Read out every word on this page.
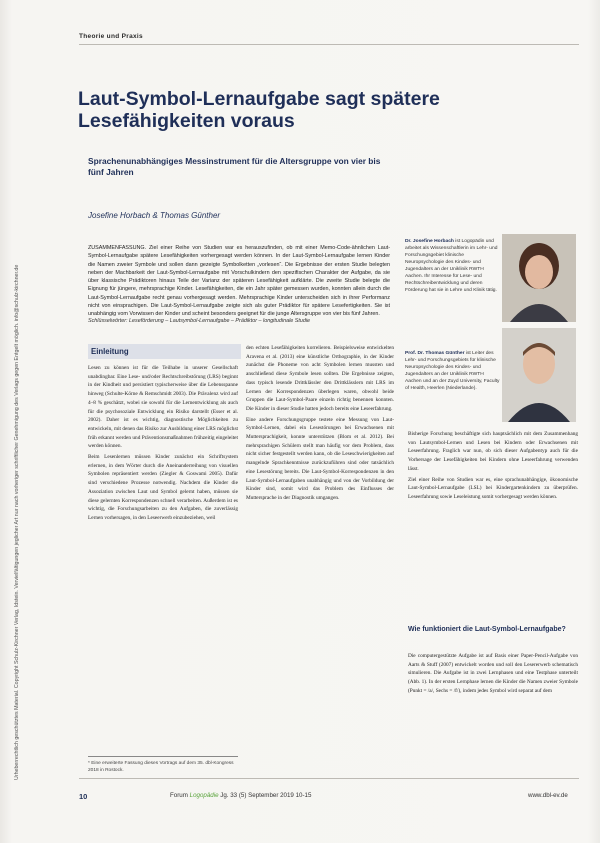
Urheberrechtlich geschütztes Material. Copyright Schulz-Kirchner Verlag, Idstein. Vervielfältigungen jeglicher Art nur nach vorheriger schriftlicher Genehmigung des Verlags gegen Entgelt möglich. info@schulz-kirchner.de
Theorie und Praxis
Laut-Symbol-Lernaufgabe sagt spätere Lesefähigkeiten voraus
Sprachenunabhängiges Messinstrument für die Altersgruppe von vier bis fünf Jahren
Josefine Horbach & Thomas Günther
ZUSAMMENFASSUNG. Ziel einer Reihe von Studien war es herauszufinden, ob mit einer Memo-Code-ähnlichen Laut-Symbol-Lernaufgabe spätere Lesefähigkeiten vorhergesagt werden können. In der Laut-Symbol-Lernaufgabe lernen Kinder die Namen zweier Symbole und sollen dann gezeigte Symbolketten „vorlesen“. Die Ergebnisse der ersten Studie belegten neben der Machbarkeit der Laut-Symbol-Lernaufgabe mit Vorschulkindern den spezifischen Charakter der Aufgabe, da sie über klassische Prädiktoren hinaus Teile der Varianz der späteren Lesefähigkeit aufklärte. Die zweite Studie belegte die Eignung für jüngere, mehrsprachige Kinder. Lesefähigkeiten, die ein Jahr später gemessen wurden, konnten allein durch die Laut-Symbol-Lernaufgabe recht genau vorhergesagt werden. Mehrsprachige Kinder unterscheiden sich in ihrer Performanz nicht von einsprachigen. Die Laut-Symbol-Lernaufgabe zeigte sich als guter Prädiktor für spätere Lesefertigkeiten. Sie ist unabhängig vom Vorwissen der Kinder und scheint besonders geeignet für die junge Altersgruppe von vier bis fünf Jahren.
Schlüsselwörter: Leseförderung – Lautsymbol-Lernaufgabe – Prädiktor – longitudinale Studie
Dr. Josefine Horbach ist Logopädin und arbeitet als Wissenschaftlerin im Lehr- und Forschungsgebiet klinische Neuropsychologie des Kindes- und Jugendalters an der Uniklinik RWTH Aachen. Ihr Interesse für Lese- und Rechtschreibentwicklung und deren Förderung hat sie in Lehre und Klinik tätig.
Prof. Dr. Thomas Günther ist Leiter des Lehr- und Forschungsgebiets für klinische Neuropsychologie des Kindes- und Jugendalters an der Uniklinik RWTH Aachen und an der Zuyd University, Faculty of Health, Heerlen (Niederlande).
Einleitung

Lesen zu können ist für die Teilhabe in unserer Gesellschaft unabdingbar. Eine Lese- und/oder Rechtschreibstörung (LRS) beginnt in der Kindheit und persistiert typischerweise über die Lebensspanne hinweg (Schulte-Körne & Remschmidt 2003). Die Prävalenz wird auf 4–8 % geschätzt, wobei sie sowohl für die Lernentwicklung als auch für die psychosoziale Entwicklung ein Risiko darstellt (Esser et al. 2002). Daher ist es wichtig, diagnostische Möglichkeiten zu entwickeln, mit denen das Risiko zur Ausbildung einer LRS möglichst früh erkannt werden und Präventionsmaßnahmen frühzeitig eingeleitet werden können.

Beim Lesenlernen müssen Kinder zunächst ein Schriftsystem erlernen, in dem Wörter durch die Aneinanderreihung von visuellen Symbolen repräsentiert werden (Ziegler & Goswami 2005). Dafür sind verschiedene Prozesse notwendig. Nachdem die Kinder die Assoziation zwischen Laut und Symbol gelernt haben, müssen sie diese gelernten Korrespondenzen schnell verarbeiten. Außerdem ist es wichtig, die Forschungsarbeiten zu den Aufgaben, die zuverlässig Lernen vorhersagen, in den Leseerwerb einzubeziehen, weil

den echten Lesefähigkeiten korrelieren. Beispielsweise entwickelten Aravena et al. (2013) eine künstliche Orthographie, in der Kinder zunächst die Phoneme von acht Symbolen lernen mussten und anschließend diese Symbole lesen sollten. Die Ergebnisse zeigten, dass typisch lesende Drittklässler den Drittklässlern mit LRS im Lernen der Korrespondenzen überlegen waren, obwohl beide Gruppen die Laut-Symbol-Paare einzeln richtig benennen konnten. Die Kinder in dieser Studie hatten jedoch bereits eine Leseerfahrung.

Eine andere Forschungsgruppe testete eine Messung von Laut-Symbol-Lernen, dabei ein Lesestörungen bei Erwachsenen mit Muttersprachigkeit, konnte unterstützen (Blom et al. 2012). Bei mehrsprachigen Schülern stellt man häufig vor dem Problem, dass nicht sicher festgestellt werden kann, ob die Leseschwierigkeiten auf mangelnde Sprachkenntnisse zurückzuführen sind oder tatsächlich eine Lesestörung bereits. Die Laut-Symbol-Korrespondenzen in den Laut-Symbol-Lernaufgaben unabhängig und von der Vorbildung der Kinder sind, somit wird das Problem des Einflusses der Muttersprache in der Diagnostik umgangen.

Bisherige Forschung beschäftigte sich hauptsächlich mit dem Zusammenhang von Lautsymbol-Lernen und Lesen bei Kindern oder Erwachsenen mit Leseerfahrung. Fraglich war nun, ob sich dieser Aufgabentyp auch für die Vorhersage der Lesefähigkeiten bei Kindern ohne Leseerfahrung verwenden lässt.

Ziel einer Reihe von Studien war es, eine sprachunabhängige, ökonomische Laut-Symbol-Lernaufgabe (LSL) bei Kindergartenkindern zu überprüfen. Leseerfahrung sowie Leseleistung somit vorhergesagt werden können.

Wie funktioniert die Laut-Symbol-Lernaufgabe?

Die computergestützte Aufgabe ist auf Basis einer Paper-Pencil-Aufgabe von Aarts & Stuff (2007) entwickelt worden und soll den Lesererwerb schematisch simulieren. Die Aufgabe ist in zwei Lernphasen und eine Testphase unterteilt (Abb. 1). In der ersten Lernphase lernen die Kinder die Namen zweier Symbole (Punkt = /a/, Sechs = /f/), indem jedes Symbol wird separat auf dem

* Eine erweiterte Fassung dieses Vortrags auf dem 35. dbl-Kongress 2018 in Rostock.
10	Forum Logopädie Jg. 33 (5) September 2019 10-15	www.dbl-ev.de
